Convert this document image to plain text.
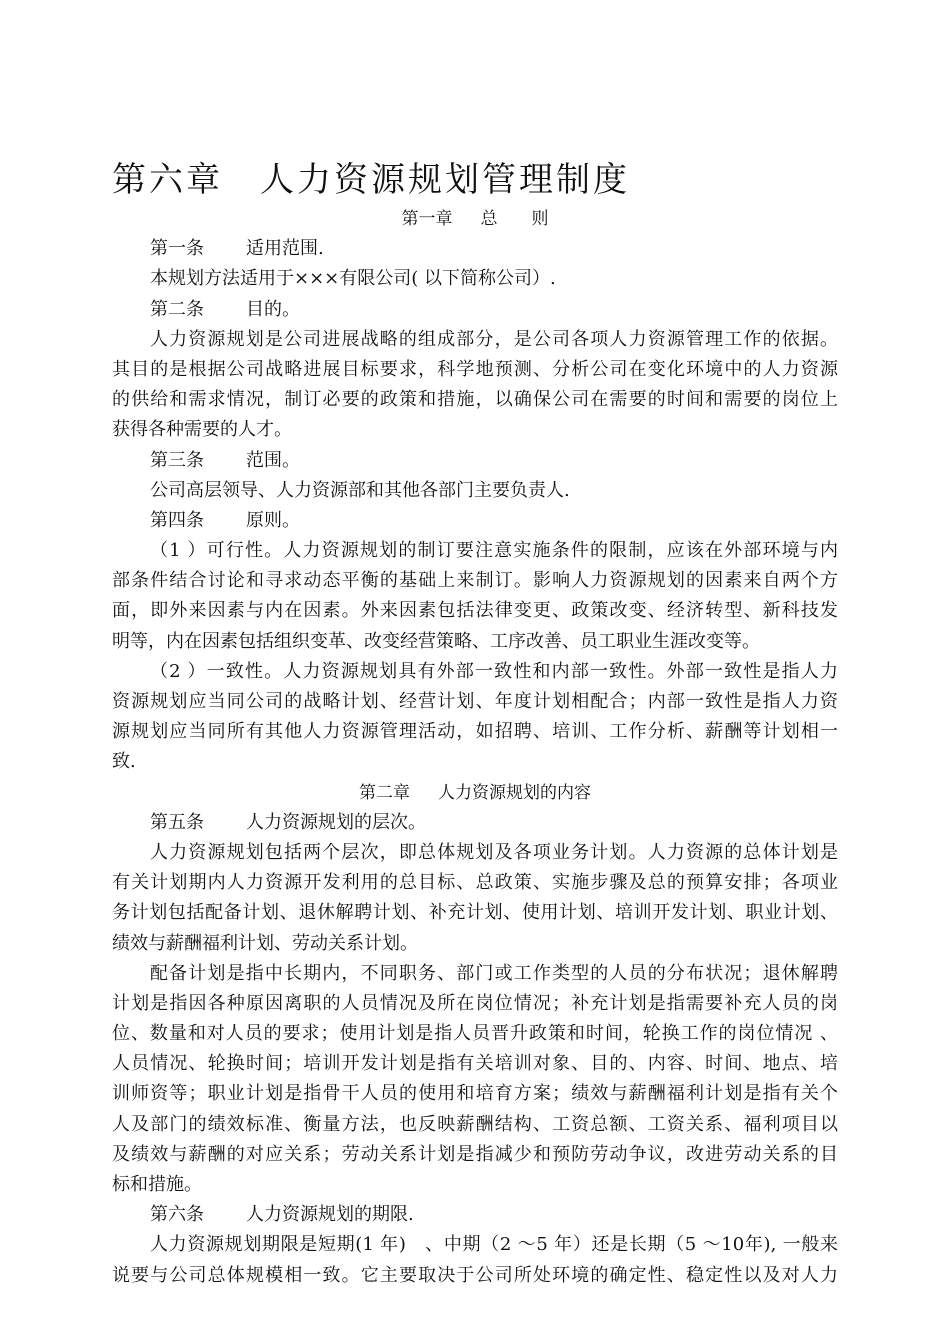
第六章　人力资源规划管理制度
第一章 总　　则
第一条 适用范围.
本规划方法适用于×××有限公司( 以下简称公司）.
第二条 目的。
人力资源规划是公司进展战略的组成部分，是公司各项人力资源管理工作的依据。
其目的是根据公司战略进展目标要求，科学地预测、分析公司在变化环境中的人力资源
的供给和需求情况，制订必要的政策和措施，以确保公司在需要的时间和需要的岗位上
获得各种需要的人才。
第三条 范围。
公司高层领导、人力资源部和其他各部门主要负责人.
第四条 原则。
（1 ）可行性。人力资源规划的制订要注意实施条件的限制，应该在外部环境与内
部条件结合讨论和寻求动态平衡的基础上来制订。影响人力资源规划的因素来自两个方
面，即外来因素与内在因素。外来因素包括法律变更、政策改变、经济转型、新科技发
明等，内在因素包括组织变革、改变经营策略、工序改善、员工职业生涯改变等。
（2 ）一致性。人力资源规划具有外部一致性和内部一致性。外部一致性是指人力
资源规划应当同公司的战略计划、经营计划、年度计划相配合；内部一致性是指人力资
源规划应当同所有其他人力资源管理活动，如招聘、培训、工作分析、薪酬等计划相一
致.
第二章 人力资源规划的内容
第五条 人力资源规划的层次。
人力资源规划包括两个层次，即总体规划及各项业务计划。人力资源的总体计划是
有关计划期内人力资源开发利用的总目标、总政策、实施步骤及总的预算安排；各项业
务计划包括配备计划、退休解聘计划、补充计划、使用计划、培训开发计划、职业计划、
绩效与薪酬福利计划、劳动关系计划。
配备计划是指中长期内，不同职务、部门或工作类型的人员的分布状况；退休解聘
计划是指因各种原因离职的人员情况及所在岗位情况；补充计划是指需要补充人员的岗
位、数量和对人员的要求；使用计划是指人员晋升政策和时间，轮换工作的岗位情况 、
人员情况、轮换时间；培训开发计划是指有关培训对象、目的、内容、时间、地点、培
训师资等；职业计划是指骨干人员的使用和培育方案；绩效与薪酬福利计划是指有关个
人及部门的绩效标准、衡量方法，也反映薪酬结构、工资总额、工资关系、福利项目以
及绩效与薪酬的对应关系；劳动关系计划是指减少和预防劳动争议，改进劳动关系的目
标和措施。
第六条 人力资源规划的期限.
人力资源规划期限是短期(1 年)　、中期（2 ～5 年）还是长期（5 ～10年), 一般来
说要与公司总体规模相一致。它主要取决于公司所处环境的确定性、稳定性以及对人力
